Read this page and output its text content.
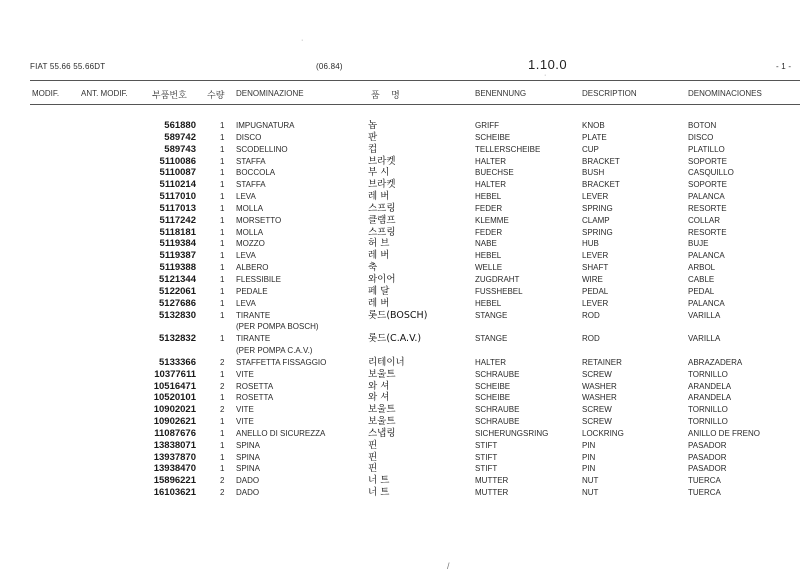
FIAT 55.66 55.66DT	(06.84)	1.10.0	- 1 -
·
·
MODIF.	ANT. MODIF.	부품번호 수량 DENOMINAZIONE	품    명	BENENNUNG	DESCRIPTION	DENOMINACIONES
561880	1 IMPUGNATURA	놉	GRIFF	KNOB	BOTON
589742	1 DISCO	판	SCHEIBE	PLATE	DISCO
589743	1 SCODELLINO	컵	TELLERSCHEIBE	CUP	PLATILLO
5110086	1 STAFFA	브라켓	HALTER	BRACKET	SOPORTE
5110087	1 BOCCOLA	부 시	BUECHSE	BUSH	CASQUILLO
5110214	1 STAFFA	브라켓	HALTER	BRACKET	SOPORTE
5117010	1 LEVA	레 버	HEBEL	LEVER	PALANCA
5117013	1 MOLLA	스프링	FEDER	SPRING	RESORTE
5117242	1 MORSETTO	클램프	KLEMME	CLAMP	COLLAR
5118181	1 MOLLA	스프링	FEDER	SPRING	RESORTE
5119384	1 MOZZO	허 브	NABE	HUB	BUJE
5119387	1 LEVA	레 버	HEBEL	LEVER	PALANCA
5119388	1 ALBERO	축	WELLE	SHAFT	ARBOL
5121344	1 FLESSIBILE	와이어	ZUGDRAHT	WIRE	CABLE
5122061	1 PEDALE	페 달	FUSSHEBEL	PEDAL	PEDAL
5127686	1 LEVA	레 버	HEBEL	LEVER	PALANCA
5132830	1 TIRANTE	롯드(BOSCH)	STANGE	ROD	VARILLA
(PER POMPA BOSCH)
5132832	1 TIRANTE	롯드(C.A.V.)	STANGE	ROD	VARILLA
(PER POMPA C.A.V.)
5133366	2 STAFFETTA FISSAGGIO	리테이너	HALTER	RETAINER	ABRAZADERA
10377611	1 VITE	보울트	SCHRAUBE	SCREW	TORNILLO
10516471	2 ROSETTA	와 셔	SCHEIBE	WASHER	ARANDELA
10520101	1 ROSETTA	와 셔	SCHEIBE	WASHER	ARANDELA
10902021	2 VITE	보울트	SCHRAUBE	SCREW	TORNILLO
10902621	1 VITE	보울트	SCHRAUBE	SCREW	TORNILLO
11087676	1 ANELLO DI SICUREZZA	스냅링	SICHERUNGSRING	LOCKRING	ANILLO DE FRENO
13838071	1 SPINA	핀	STIFT	PIN	PASADOR
13937870	1 SPINA	핀	STIFT	PIN	PASADOR
13938470	1 SPINA	핀	STIFT	PIN	PASADOR
15896221	2 DADO	너 트	MUTTER	NUT	TUERCA
16103621	2 DADO	너 트	MUTTER	NUT	TUERCA
/
